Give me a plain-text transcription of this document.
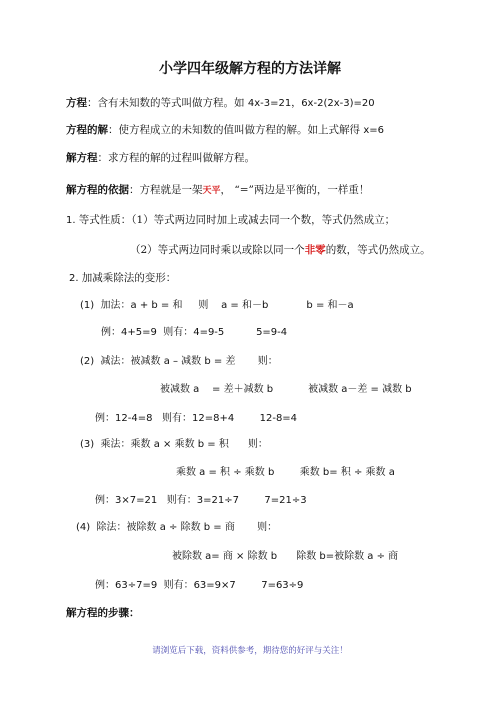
小学四年级解方程的方法详解
方程：含有未知数的等式叫做方程。如 4x-3=21，6x-2(2x-3)=20
方程的解：使方程成立的未知数的值叫做方程的解。如上式解得 x=6
解方程：求方程的解的过程叫做解方程。
解方程的依据：方程就是一架天平， “=”两边是平衡的，一样重！
1. 等式性质：（1）等式两边同时加上或减去同一个数，等式仍然成立；
（2）等式两边同时乘以或除以同一个非零的数，等式仍然成立。
2. 加减乘除法的变形：
(1)  加法：a + b = 和     则    a = 和－b            b = 和－a
例：4+5=9  则有：4=9-5          5=9-4
(2)  减法：被减数 a – 减数 b = 差       则：
被减数 a    = 差＋减数 b           被减数 a－差 = 减数 b
例：12-4=8   则有：12=8+4        12-8=4
(3)  乘法：乘数 a × 乘数 b = 积      则：
乘数 a = 积 ÷ 乘数 b        乘数 b= 积 ÷ 乘数 a
例：3×7=21   则有：3=21÷7        7=21÷3
(4)  除法：被除数 a ÷ 除数 b = 商       则：
被除数 a= 商 × 除数 b      除数 b=被除数 a ÷ 商
例：63÷7=9  则有：63=9×7        7=63÷9
解方程的步骤：
请浏览后下载，资料供参考，期待您的好评与关注！
